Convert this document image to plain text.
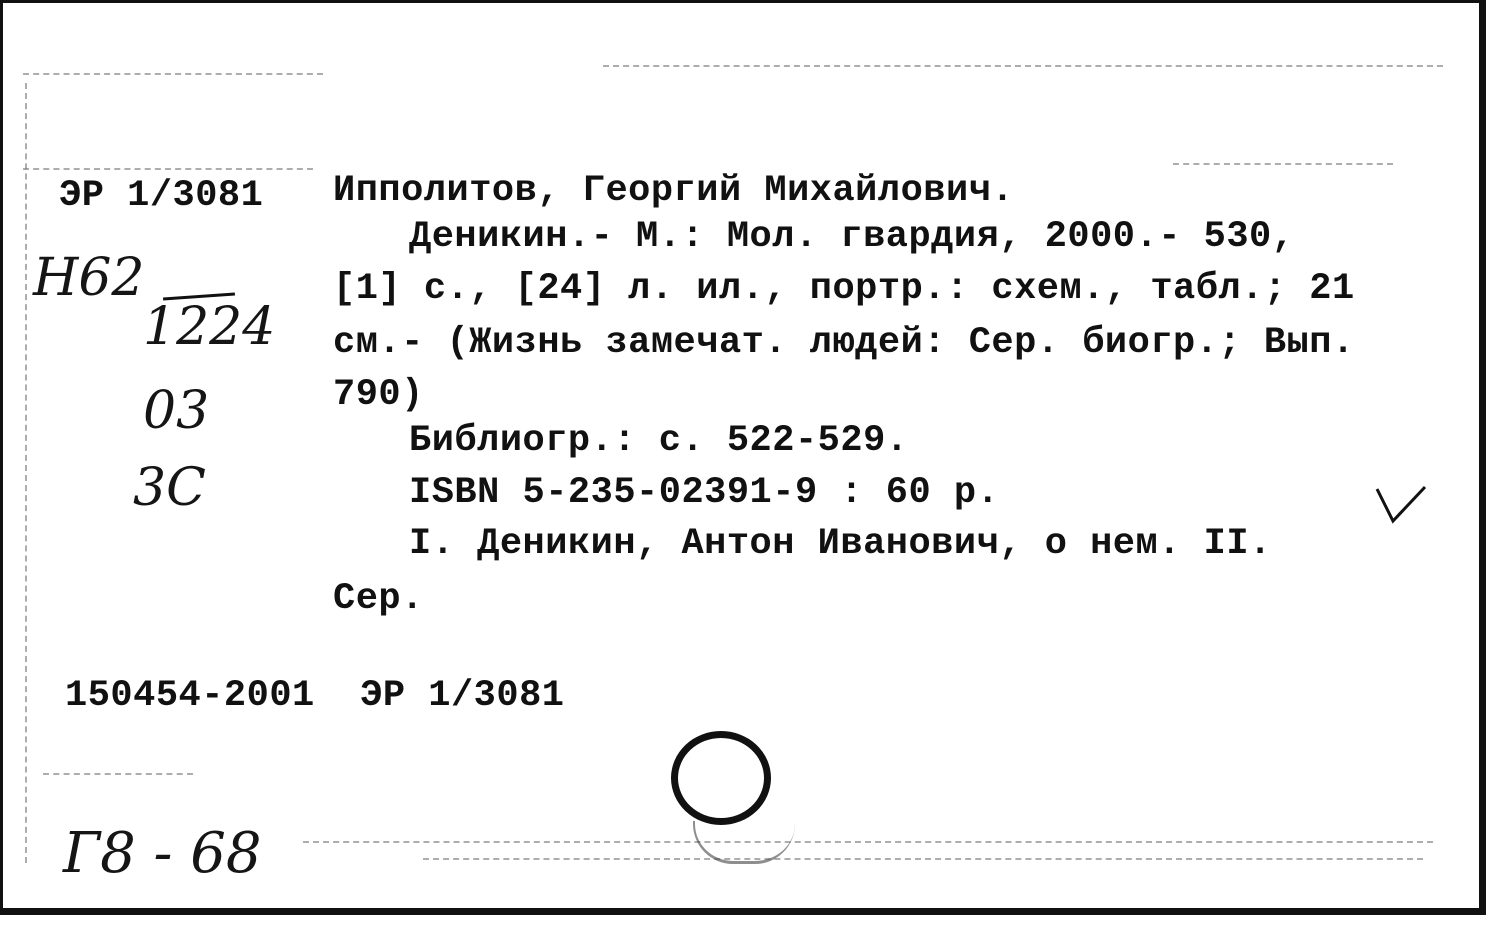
ЭР 1/3081 Ипполитов, Георгий Михайлович.
Деникин.- М.: Мол. гвардия, 2000.- 530,
[1] с., [24] л. ил., портр.: схем., табл.; 21
см.- (Жизнь замечат. людей: Сер. биогр.; Вып.
790)
Библиогр.: с. 522-529.
ISBN 5-235-02391-9 : 60 р.
I. Деникин, Антон Иванович, о нем. II.
Сер.
150454-2001  ЭР 1/3081
Н62
1224
03
3С
Г8 - 68
